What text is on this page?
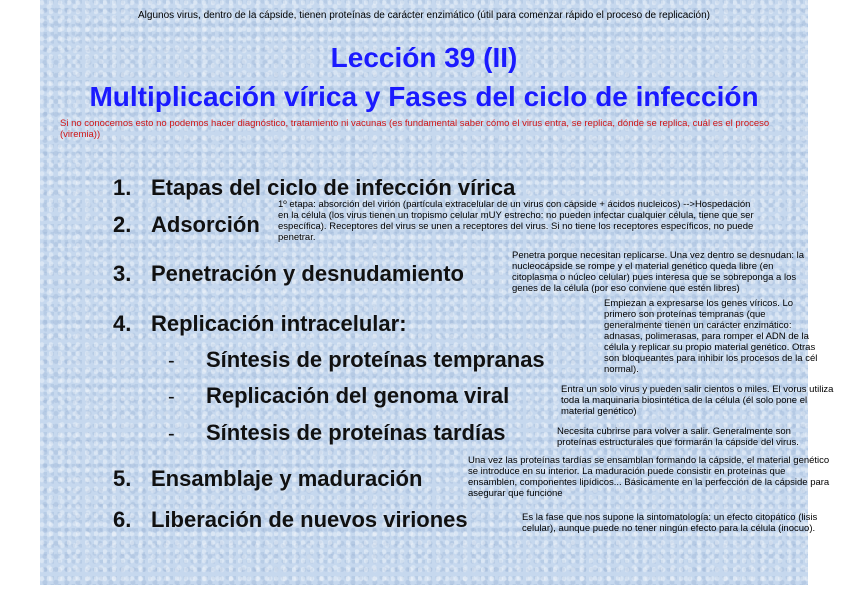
Algunos virus, dentro de la cápside, tienen proteínas de carácter enzimático (útil para comenzar rápido el proceso de replicación)
Lección 39 (II)
Multiplicación vírica y Fases del ciclo de infección
Si no conocemos esto no podemos hacer diagnóstico, tratamiento ni vacunas (es fundamental saber cómo el virus entra, se replica, dónde se replica, cuál es el proceso (viremia))
1. Etapas del ciclo de infección vírica
2. Adsorción
3. Penetración y desnudamiento
4. Replicación intracelular:
- Síntesis de proteínas tempranas
- Replicación del genoma viral
- Síntesis de proteínas tardías
5. Ensamblaje y maduración
6. Liberación de nuevos viriones
1º etapa: absorción del virión (partícula extracelular de un virus con cápside + ácidos nucleicos) -->Hospedación en la célula (los virus tienen un tropismo celular mUY estrecho: no pueden infectar cualquier célula, tiene que ser específica). Receptores del virus se unen a receptores del virus. Si no tiene los receptores específicos, no puede penetrar.
Penetra porque necesitan replicarse. Una vez dentro se desnudan: la nucleocápside se rompe y el material genético queda libre (en citoplasma o núcleo celular) pues interesa que se sobreponga a los genes de la célula (por eso conviene que estén libres)
Empiezan a expresarse los genes víricos. Lo primero son proteínas tempranas (que generalmente tienen un carácter enzimático: adnasas, polimerasas, para romper el ADN de la célula y replicar su propio material genético. Otras son bloqueantes para inhibir los procesos de la cél normal).
Entra un solo virus y pueden salir cientos o miles. El vorus utiliza toda la maquinaria biosintética de la célula (él solo pone el material genético)
Necesita cubrirse para volver a salir. Generalmente son proteínas estructurales que formarán la cápside del virus.
Una vez las proteínas tardías se ensamblan formando la cápside, el material genético se introduce en su interior. La maduración puede consistir en proteínas que ensamblen, componentes lipídicos... Básicamente en la perfección de la cápside para asegurar que funcione
Es la fase que nos supone la sintomatología: un efecto citopático (lisis celular), aunque puede no tener ningún efecto para la célula (inocuo).
